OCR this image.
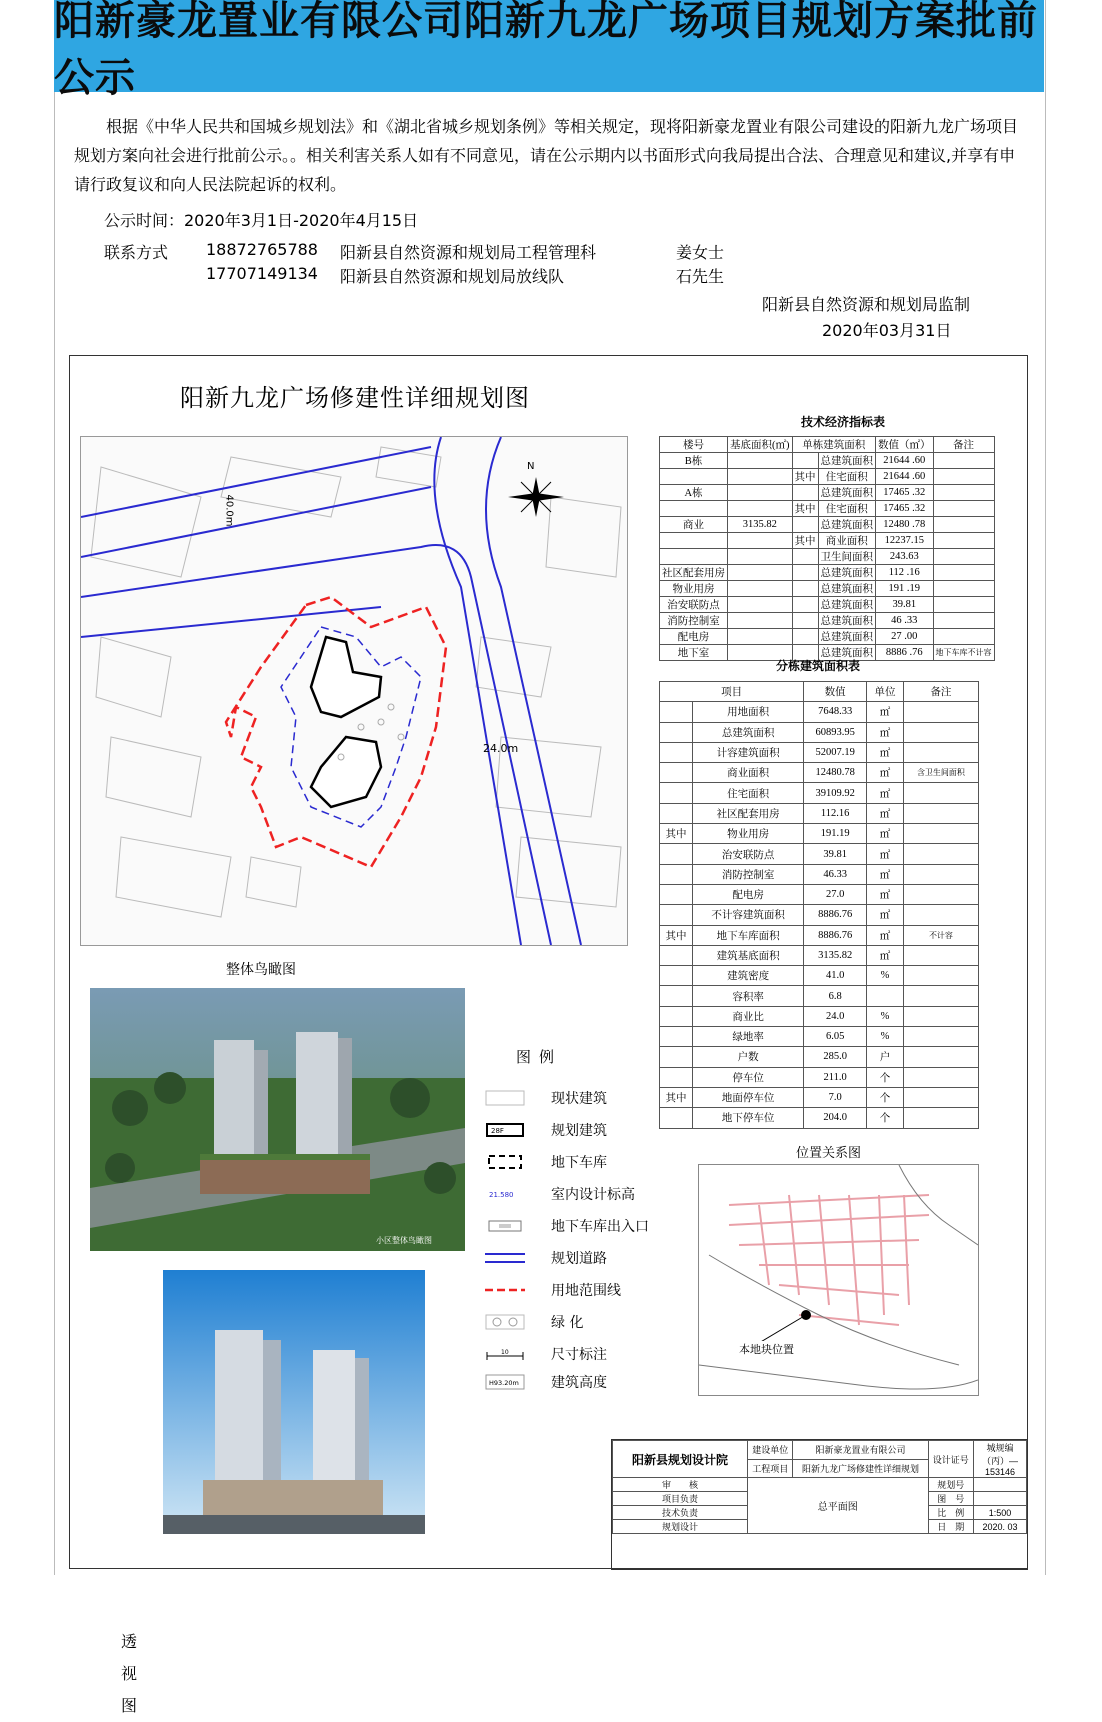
阳新豪龙置业有限公司阳新九龙广场项目规划方案批前公示

根据《中华人民共和国城乡规划法》和《湖北省城乡规划条例》等相关规定，现将阳新豪龙置业有限公司建设的阳新九龙广场项目规划方案向社会进行批前公示。。相关利害关系人如有不同意见，请在公示期内以书面形式向我局提出合法、合理意见和建议,并享有申请行政复议和向人民法院起诉的权利。

公示时间：2020年3月1日-2020年4月15日
联系方式 18872765788 阳新县自然资源和规划局工程管理科	姜女士
17707149134 阳新县自然资源和规划局放线队	石先生
阳新县自然资源和规划局监制
2020年03月31日
阳新九龙广场修建性详细规划图
N
24.0m
40.0m
技术经济指标表
楼号	基底面积(㎡)	单栋建筑面积		数值（㎡）	备注
B栋			总建筑面积	21644 .60	
		其中	住宅面积	21644 .60	
A栋			总建筑面积	17465 .32	
		其中	住宅面积	17465 .32	
商业	3135.82		总建筑面积	12480 .78	
		其中	商业面积	12237.15	
			卫生间面积	243.63	
社区配套用房			总建筑面积	112 .16	
物业用房			总建筑面积	191 .19	
治安联防点			总建筑面积	39.81	
消防控制室			总建筑面积	46 .33	
配电房			总建筑面积	27 .00	
地下室			总建筑面积	8886 .76	地下车库不计容
分栋建筑面积表
项目		数值	单位	备注
	用地面积	7648.33	㎡	
	总建筑面积	60893.95	㎡	
	计容建筑面积	52007.19	㎡	
	商业面积	12480.78	㎡	含卫生间面积
	住宅面积	39109.92	㎡	
	社区配套用房	112.16	㎡	
其中	物业用房	191.19	㎡	
	治安联防点	39.81	㎡	
	消防控制室	46.33	㎡	
	配电房	27.0	㎡	
	不计容建筑面积	8886.76	㎡	
其中	地下车库面积	8886.76	㎡	不计容
	建筑基底面积	3135.82	㎡	
	建筑密度	41.0	%	
	容积率	6.8		
	商业比	24.0	%	
	绿地率	6.05	%	
	户数	285.0	户	
	停车位	211.0	个	
其中	地面停车位	7.0	个	
	地下停车位	204.0	个	
整体鸟瞰图
小区整体鸟瞰图
透
视
图
图例
现状建筑
28F	规划建筑
地下车库
21.580	室内设计标高
地下车库出入口
规划道路
用地范围线
绿 化
10	尺寸标注
H93.20m 建筑高度
位置关系图
本地块位置
阳新县规划设计院	建设单位	阳新豪龙置业有限公司	设计证号	城规编（丙）—153146
	工程项目	阳新九龙广场修建性详细规划		
审　　核	总平面图		规划号	
项目负责			图　号	
技术负责			比　例	1:500
规划设计			日　期	2020. 03
